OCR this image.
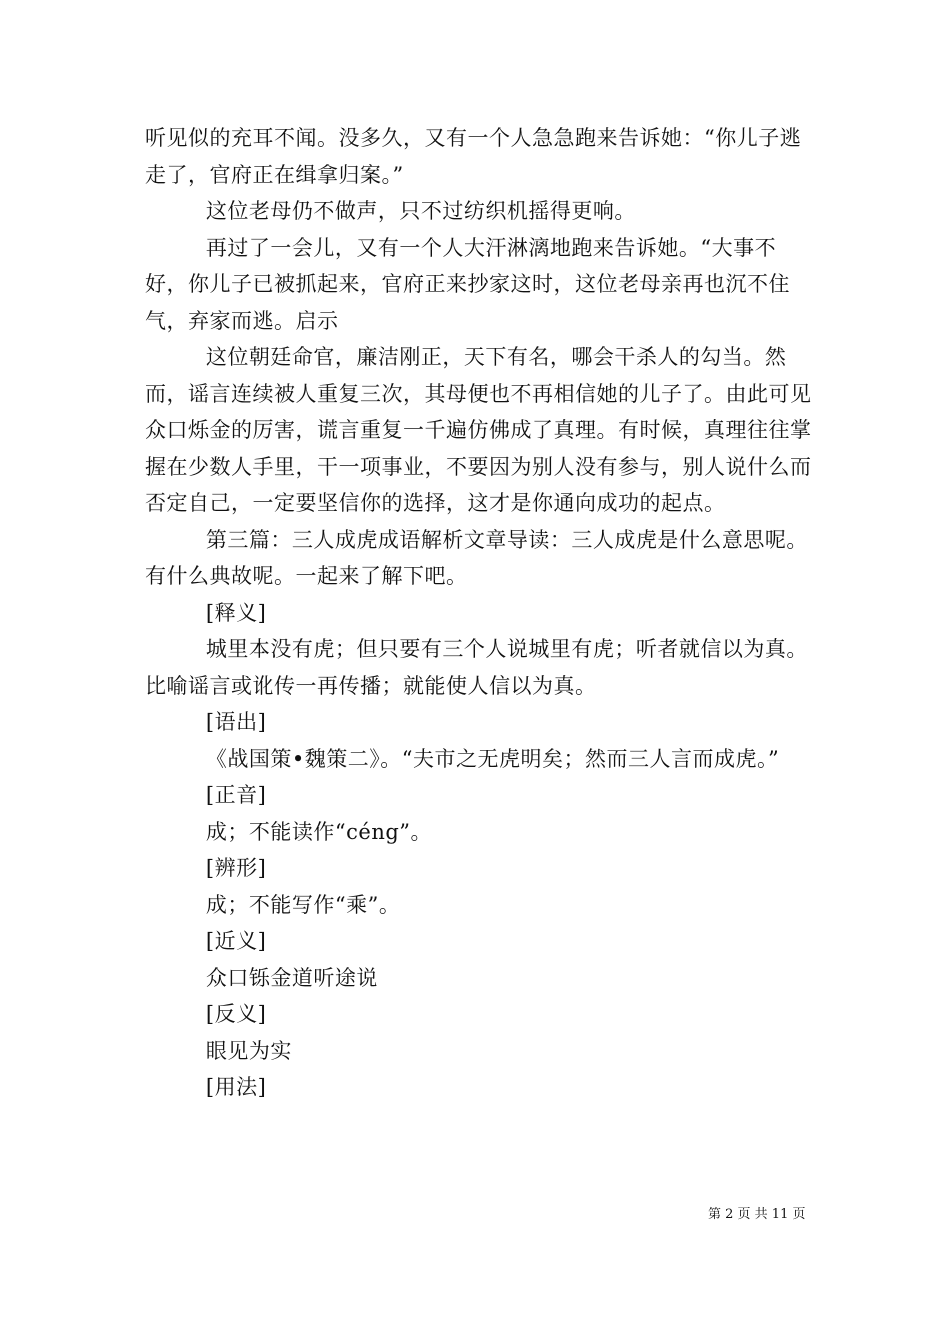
听见似的充耳不闻。没多久，又有一个人急急跑来告诉她：“你儿子逃走了，官府正在缉拿归案。”

这位老母仍不做声，只不过纺织机摇得更响。

再过了一会儿，又有一个人大汗淋漓地跑来告诉她。“大事不好，你儿子已被抓起来，官府正来抄家这时，这位老母亲再也沉不住气，弃家而逃。启示

这位朝廷命官，廉洁刚正，天下有名，哪会干杀人的勾当。然而，谣言连续被人重复三次，其母便也不再相信她的儿子了。由此可见众口烁金的厉害，谎言重复一千遍仿佛成了真理。有时候，真理往往掌握在少数人手里，干一项事业，不要因为别人没有参与，别人说什么而否定自己，一定要坚信你的选择，这才是你通向成功的起点。

第三篇：三人成虎成语解析文章导读：三人成虎是什么意思呢。有什么典故呢。一起来了解下吧。

[释义]

城里本没有虎；但只要有三个人说城里有虎；听者就信以为真。比喻谣言或讹传一再传播；就能使人信以为真。

[语出]

《战国策•魏策二》。“夫市之无虎明矣；然而三人言而成虎。”

[正音]

成；不能读作“céng”。

[辨形]

成；不能写作“乘”。

[近义]

众口铄金道听途说

[反义]

眼见为实

[用法]

第 2 页 共 11 页
